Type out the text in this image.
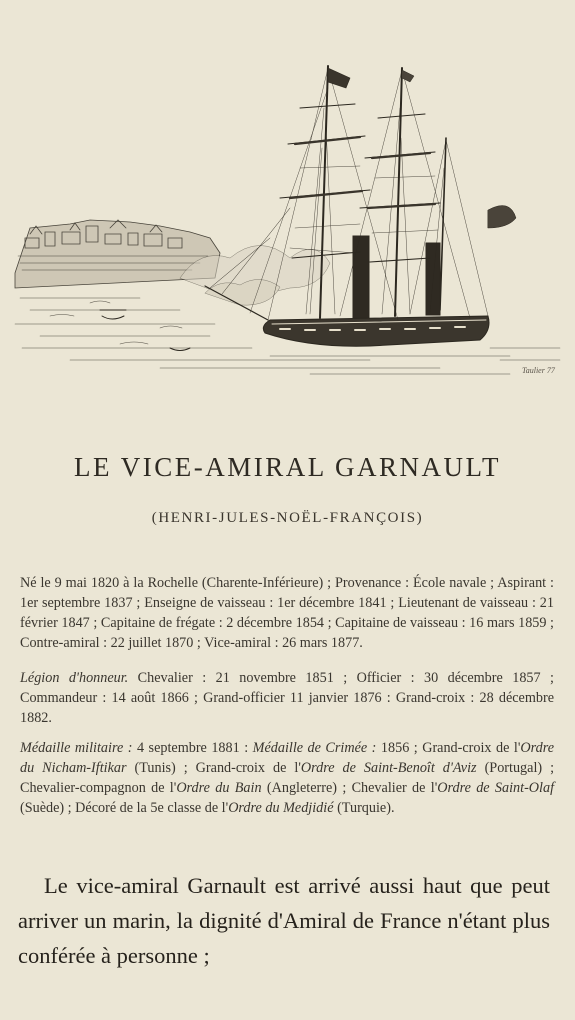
Taulier 77
LE VICE-AMIRAL GARNAULT
(HENRI-JULES-NOËL-FRANÇOIS)

Né le 9 mai 1820 à la Rochelle (Charente-Inférieure) ; Provenance : École navale ; Aspirant : 1er septembre 1837 ; Enseigne de vaisseau : 1er décembre 1841 ; Lieutenant de vaisseau : 21 février 1847 ; Capitaine de frégate : 2 décembre 1854 ; Capitaine de vaisseau : 16 mars 1859 ; Contre-amiral : 22 juillet 1870 ; Vice-amiral : 26 mars 1877.

Légion d'honneur. Chevalier : 21 novembre 1851 ; Officier : 30 décembre 1857 ; Commandeur : 14 août 1866 ; Grand-officier 11 janvier 1876 : Grand-croix : 28 décembre 1882.

Médaille militaire : 4 septembre 1881 : Médaille de Crimée : 1856 ; Grand-croix de l'Ordre du Nicham-Iftikar (Tunis) ; Grand-croix de l'Ordre de Saint-Benoît d'Aviz (Portugal) ; Chevalier-compagnon de l'Ordre du Bain (Angleterre) ; Chevalier de l'Ordre de Saint-Olaf (Suède) ; Décoré de la 5e classe de l'Ordre du Medjidié (Turquie).

Le vice-amiral Garnault est arrivé aussi haut que peut arriver un marin, la dignité d'Amiral de France n'étant plus conférée à personne ;
